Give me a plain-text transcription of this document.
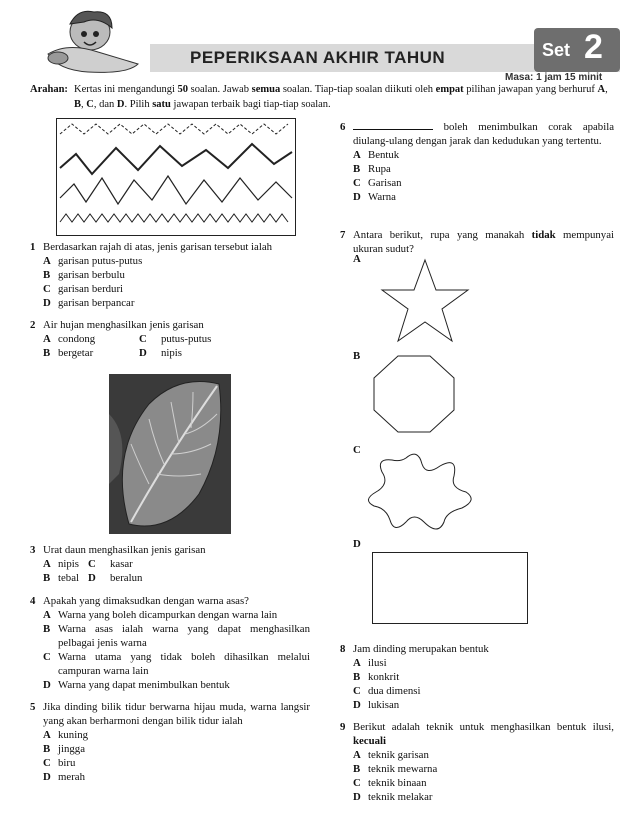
PEPERIKSAAN AKHIR TAHUN	Set 2
Masa: 1 jam 15 minit
Arahan: Kertas ini mengandungi 50 soalan. Jawab semua soalan. Tiap-tiap soalan diikuti oleh empat pilihan jawapan yang berhuruf A, B, C, dan D. Pilih satu jawapan terbaik bagi tiap-tiap soalan.
1 Berdasarkan rajah di atas, jenis garisan tersebut ialah
A garisan putus-putus
B garisan berbulu
C garisan berduri
D garisan berpancar
2 Air hujan menghasilkan jenis garisan
A condong	C putus-putus
B bergetar	D nipis
3 Urat daun menghasilkan jenis garisan
A nipis C kasar
B tebal D beralun
4 Apakah yang dimaksudkan dengan warna asas?
A Warna yang boleh dicampurkan dengan warna lain
B Warna asas ialah warna yang dapat menghasilkan pelbagai jenis warna
C Warna utama yang tidak boleh dihasilkan melalui campuran warna lain
D Warna yang dapat menimbulkan bentuk
5 Jika dinding bilik tidur berwarna hijau muda, warna langsir yang akan berharmoni dengan bilik tidur ialah
A kuning
B jingga
C biru
D merah
6	boleh menimbulkan corak apabila diulang-ulang dengan jarak dan kedudukan yang tertentu.
A Bentuk
B Rupa
C Garisan
D Warna
7 Antara berikut, rupa yang manakah tidak mempunyai ukuran sudut?
A
B
C
D
8 Jam dinding merupakan bentuk
A ilusi
B konkrit
C dua dimensi
D lukisan
9 Berikut adalah teknik untuk menghasilkan bentuk ilusi, kecuali
A teknik garisan
B teknik mewarna
C teknik binaan
D teknik melakar
